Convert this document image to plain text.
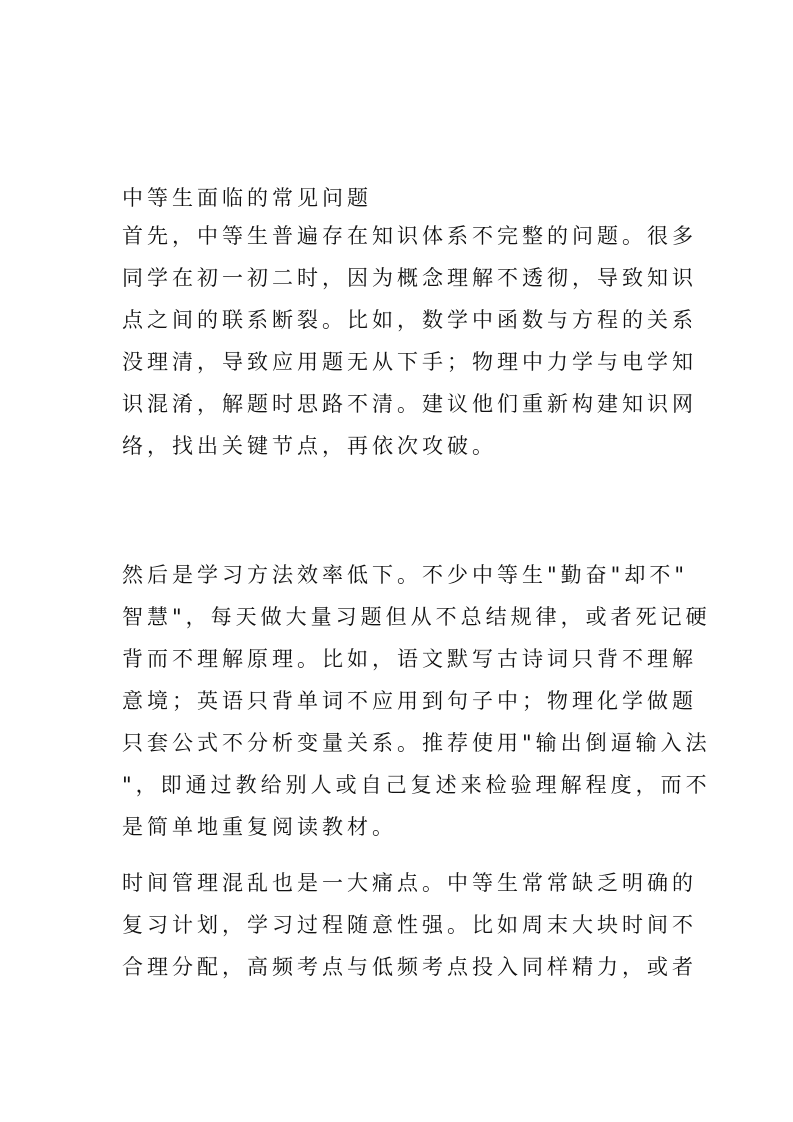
中等生面临的常见问题
首先，中等生普遍存在知识体系不完整的问题。很多
同学在初一初二时，因为概念理解不透彻，导致知识
点之间的联系断裂。比如，数学中函数与方程的关系
没理清，导致应用题无从下手；物理中力学与电学知
识混淆，解题时思路不清。建议他们重新构建知识网
络，找出关键节点，再依次攻破。
然后是学习方法效率低下。不少中等生"勤奋"却不"
智慧"，每天做大量习题但从不总结规律，或者死记硬
背而不理解原理。比如，语文默写古诗词只背不理解
意境；英语只背单词不应用到句子中；物理化学做题
只套公式不分析变量关系。推荐使用"输出倒逼输入法
"，即通过教给别人或自己复述来检验理解程度，而不
是简单地重复阅读教材。
时间管理混乱也是一大痛点。中等生常常缺乏明确的
复习计划，学习过程随意性强。比如周末大块时间不
合理分配，高频考点与低频考点投入同样精力，或者
